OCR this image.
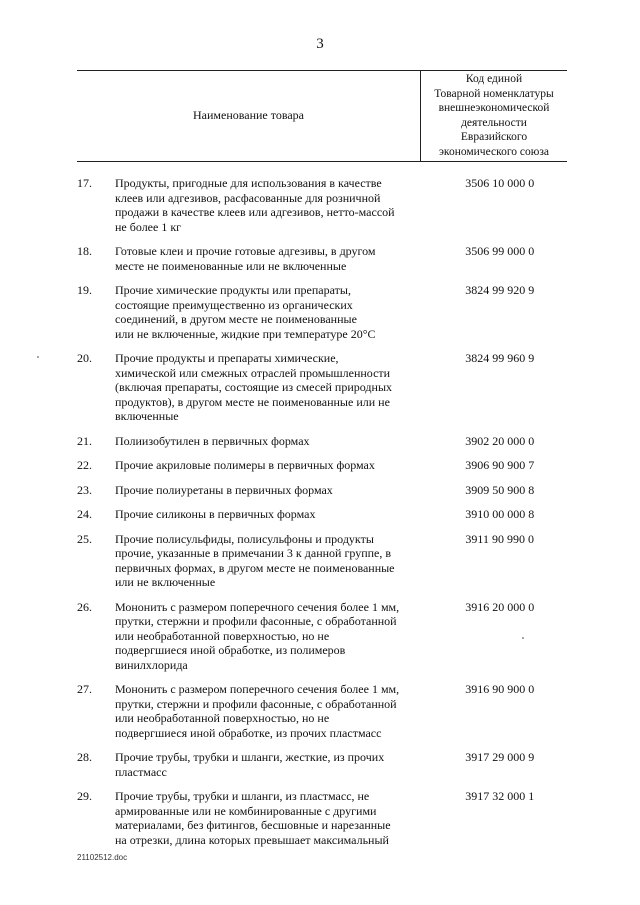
3
Наименование товара
Код единой
Товарной номенклатуры
внешнеэкономической
деятельности
Евразийского
экономического союза
17.	Продукты, пригодные для использования в качестве
клеев или адгезивов, расфасованные для розничной
продажи в качестве клеев или адгезивов, нетто-массой
не более 1 кг
3506 10 000 0
18.	Готовые клеи и прочие готовые адгезивы, в другом
месте не поименованные или не включенные
3506 99 000 0
19.	Прочие химические продукты или препараты,
состоящие преимущественно из органических
соединений, в другом месте не поименованные
или не включенные, жидкие при температуре 20°С
3824 99 920 9
20.	Прочие продукты и препараты химические,
химической или смежных отраслей промышленности
(включая препараты, состоящие из смесей природных
продуктов), в другом месте не поименованные или не
включенные
3824 99 960 9
21.	Полиизобутилен в первичных формах	3902 20 000 0
22.	Прочие акриловые полимеры в первичных формах	3906 90 900 7
23.	Прочие полиуретаны в первичных формах	3909 50 900 8
24.	Прочие силиконы в первичных формах	3910 00 000 8
25.	Прочие полисульфиды, полисульфоны и продукты
прочие, указанные в примечании 3 к данной группе, в
первичных формах, в другом месте не поименованные
или не включенные
3911 90 990 0
26.	Мононить с размером поперечного сечения более 1 мм,
прутки, стержни и профили фасонные, с обработанной
или необработанной поверхностью, но не
подвергшиеся иной обработке, из полимеров
винилхлорида
3916 20 000 0
27.	Мононить с размером поперечного сечения более 1 мм,
прутки, стержни и профили фасонные, с обработанной
или необработанной поверхностью, но не
подвергшиеся иной обработке, из прочих пластмасс
3916 90 900 0
28.	Прочие трубы, трубки и шланги, жесткие, из прочих
пластмасс
3917 29 000 9
29.	Прочие трубы, трубки и шланги, из пластмасс, не
армированные или не комбинированные с другими
материалами, без фитингов, бесшовные и нарезанные
на отрезки, длина которых превышает максимальный
3917 32 000 1
21102512.doc
